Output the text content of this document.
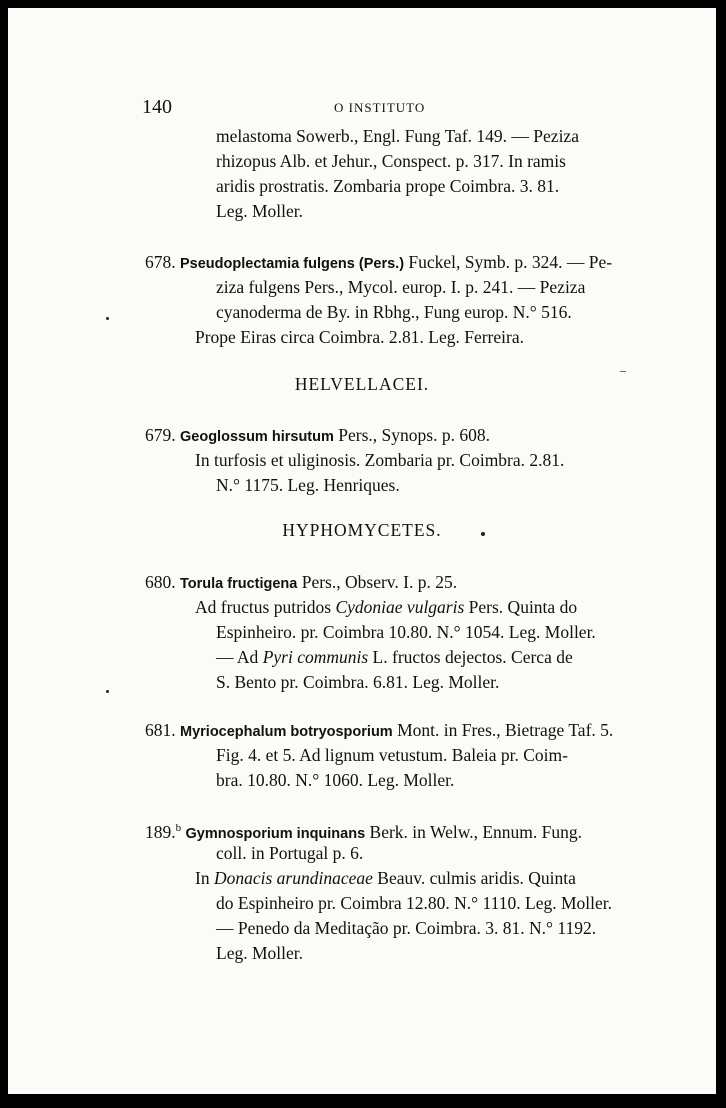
140	O INSTITUTO
melastoma Sowerb., Engl. Fung Taf. 149. — Peziza
rhizopus Alb. et Jehur., Conspect. p. 317. In ramis
aridis prostratis. Zombaria prope Coimbra. 3. 81.
Leg. Moller.
678. Pseudoplectamia fulgens (Pers.) Fuckel, Symb. p. 324. — Pe-
ziza fulgens Pers., Mycol. europ. I. p. 241. — Peziza
cyanoderma de By. in Rbhg., Fung europ. N.° 516.
Prope Eiras circa Coimbra. 2.81. Leg. Ferreira.
HELVELLACEI.
679. Geoglossum hirsutum Pers., Synops. p. 608.
In turfosis et uliginosis. Zombaria pr. Coimbra. 2.81.
N.° 1175. Leg. Henriques.
HYPHOMYCETES.
680. Torula fructigena Pers., Observ. I. p. 25.
Ad fructus putridos Cydoniae vulgaris Pers. Quinta do
Espinheiro. pr. Coimbra 10.80. N.° 1054. Leg. Moller.
— Ad Pyri communis L. fructos dejectos. Cerca de
S. Bento pr. Coimbra. 6.81. Leg. Moller.
681. Myriocephalum botryosporium Mont. in Fres., Bietrage Taf. 5.
Fig. 4. et 5. Ad lignum vetustum. Baleia pr. Coim-
bra. 10.80. N.° 1060. Leg. Moller.
189.$^b$ Gymnosporium inquinans Berk. in Welw., Ennum. Fung.
coll. in Portugal p. 6.
In Donacis arundinaceae Beauv. culmis aridis. Quinta
do Espinheiro pr. Coimbra 12.80. N.° 1110. Leg. Moller.
— Penedo da Meditação pr. Coimbra. 3. 81. N.° 1192.
Leg. Moller.
